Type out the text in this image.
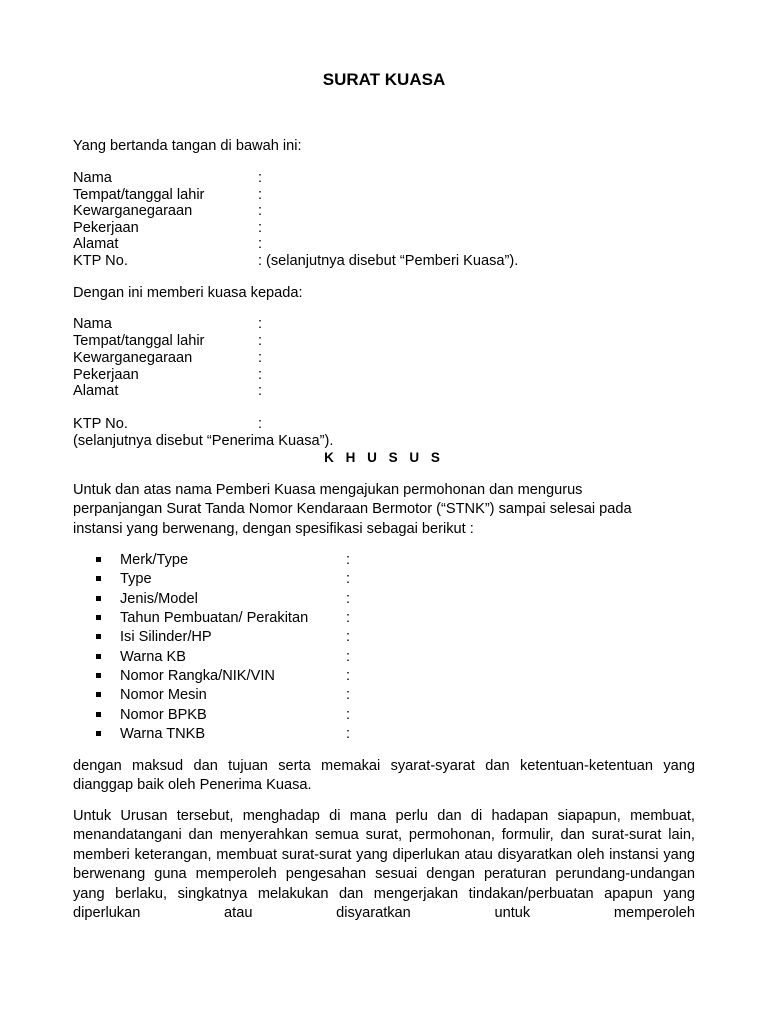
SURAT KUASA
Yang bertanda tangan di bawah ini:
Nama	:
Tempat/tanggal lahir	:
Kewarganegaraan	:
Pekerjaan	:
Alamat	:
KTP No.	: (selanjutnya disebut “Pemberi Kuasa”).
Dengan ini memberi kuasa kepada:
Nama	:
Tempat/tanggal lahir	:
Kewarganegaraan	:
Pekerjaan	:
Alamat	:
KTP No.	:
(selanjutnya disebut “Penerima Kuasa”).
K H U S U S
Untuk dan atas nama Pemberi Kuasa mengajukan permohonan dan mengurus
perpanjangan Surat Tanda Nomor Kendaraan Bermotor (“STNK”) sampai selesai pada
instansi yang berwenang, dengan spesifikasi sebagai berikut :
Merk/Type	:
Type	:
Jenis/Model	:
Tahun Pembuatan/ Perakitan	:
Isi Silinder/HP	:
Warna KB	:
Nomor Rangka/NIK/VIN	:
Nomor Mesin	:
Nomor BPKB	:
Warna TNKB	:
dengan maksud dan tujuan serta memakai syarat-syarat dan ketentuan-ketentuan yang dianggap baik oleh Penerima Kuasa.
Untuk Urusan tersebut, menghadap di mana perlu dan di hadapan siapapun, membuat, menandatangani dan menyerahkan semua surat, permohonan, formulir, dan surat-surat lain, memberi keterangan, membuat surat-surat yang diperlukan atau disyaratkan oleh instansi yang berwenang guna memperoleh pengesahan sesuai dengan peraturan perundang-undangan yang berlaku, singkatnya melakukan dan mengerjakan tindakan/perbuatan apapun yang diperlukan atau disyaratkan untuk memperoleh
